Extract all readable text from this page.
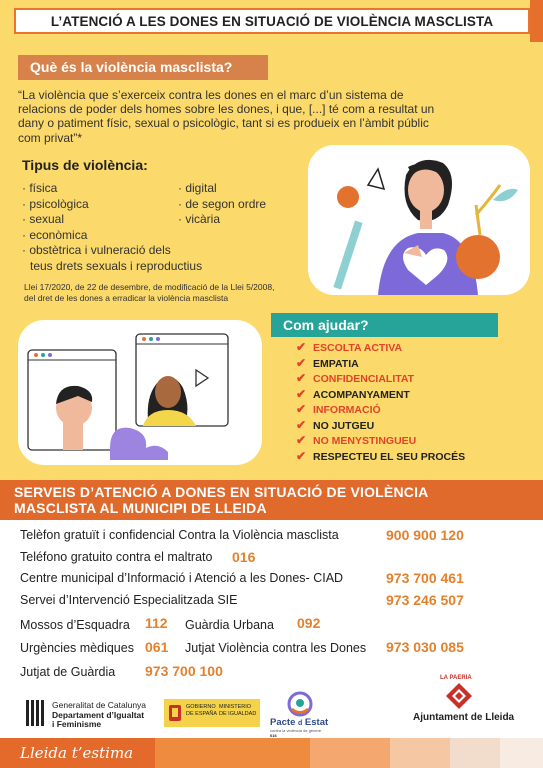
L’ATENCIÓ A LES DONES EN SITUACIÓ DE VIOLÈNCIA MASCLISTA
Què és la violència masclista?
“La violència que s’exerceix contra les dones en el marc d’un sistema de relacions de poder dels homes sobre les dones, i que, [...] té com a resultat un dany o patiment físic, sexual o psicològic, tant si es produeix en l’àmbit públic com privat”*
Tipus de violència:
· física
· psicològica
· sexual
· econòmica
· obstètrica i vulneració dels
teus drets sexuals i reproductius
· digital
· de segon ordre
· vicària
Llei 17/2020, de 22 de desembre, de modificació de la Llei 5/2008, del dret de les dones a erradicar la violència masclista
Com ajudar?
✔ ESCOLTA ACTIVA
✔ EMPATIA
✔ CONFIDENCIALITAT
✔ ACOMPANYAMENT
✔ INFORMACIÓ
✔ NO JUTGEU
✔ NO MENYSTINGUEU
✔ RESPECTEU EL SEU PROCÉS
SERVEIS D’ATENCIÓ A DONES EN SITUACIÓ DE VIOLÈNCIA
MASCLISTA AL MUNICIPI DE LLEIDA
Telèfon gratuït i confidencial Contra la Violència masclista	900 900 120
Teléfono gratuito contra el maltrato 016
Centre municipal d’Informació i Atenció a les Dones- CIAD	973 700 461
Servei d’Intervenció Especialitzada SIE	973 246 507
Mossos d’Esquadra 112 Guàrdia Urbana 092
Urgències mèdiques 061 Jutjat Violència contra les Dones 973 030 085
Jutjat de Guàrdia 973 700 100
Generalitat de Catalunya
Departament d’Igualtat
i Feminisme
GOBIERNO
DE ESPAÑA
MINISTERIO
DE IGUALDAD
Pacte d Estat
contra la violència de gènere
016
LA PAERIA
Ajuntament de Lleida
Lleida t’estima
